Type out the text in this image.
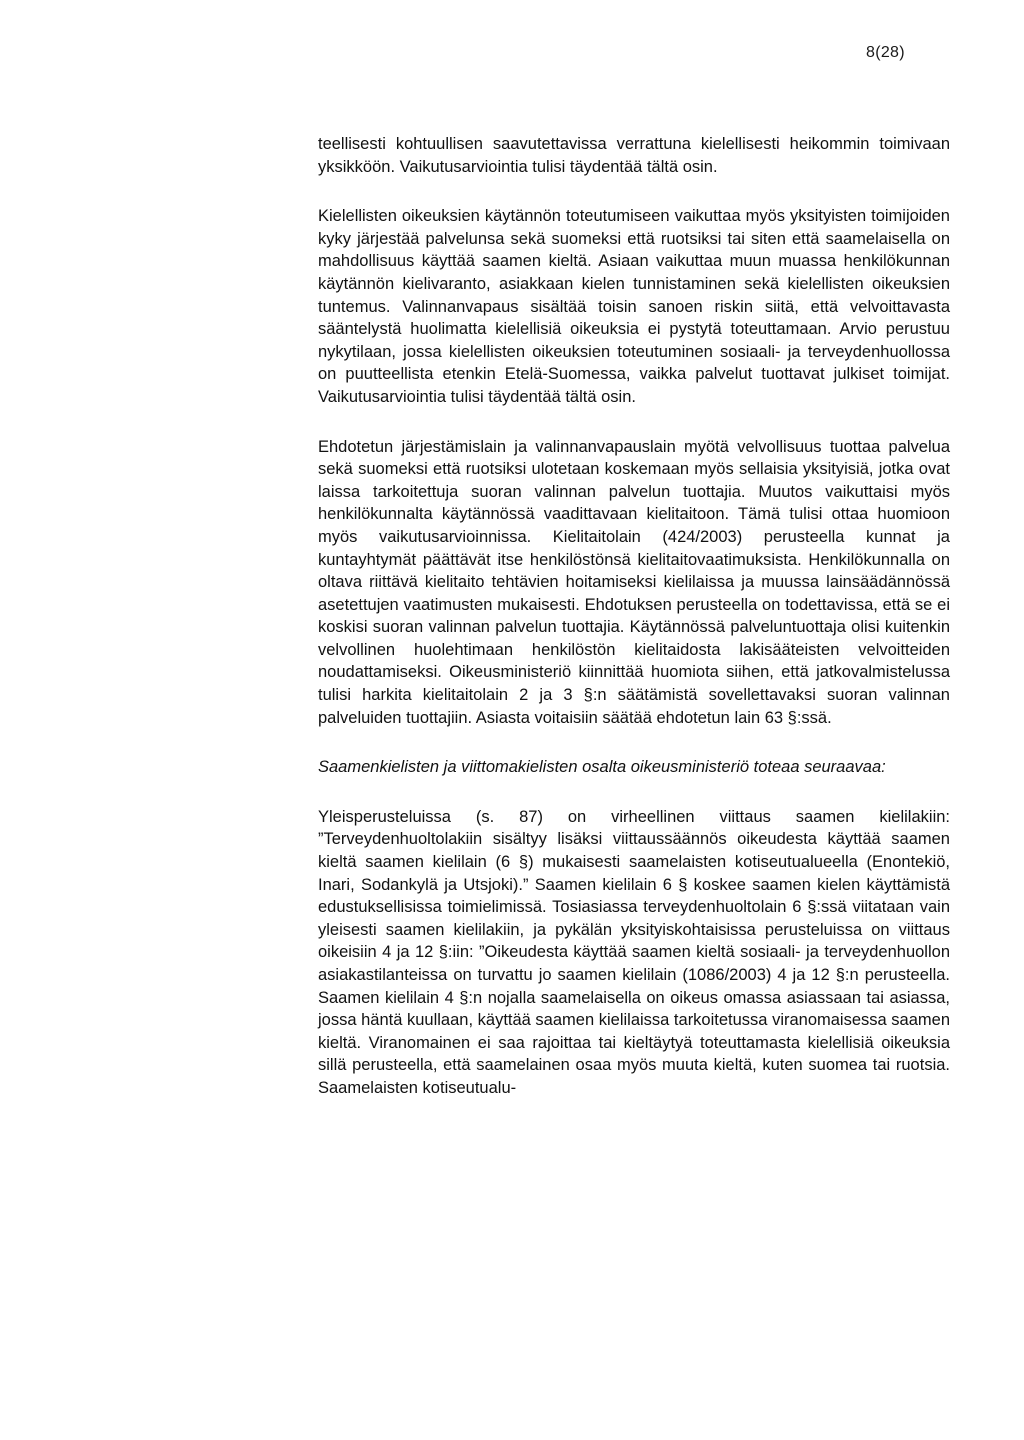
8(28)

teellisesti kohtuullisen saavutettavissa verrattuna kielellisesti heikommin toimivaan yksikköön. Vaikutusarviointia tulisi täydentää tältä osin.

Kielellisten oikeuksien käytännön toteutumiseen vaikuttaa myös yksityisten toimijoiden kyky järjestää palvelunsa sekä suomeksi että ruotsiksi tai siten että saamelaisella on mahdollisuus käyttää saamen kieltä. Asiaan vaikuttaa muun muassa henkilökunnan käytännön kielivaranto, asiakkaan kielen tunnistaminen sekä kielellisten oikeuksien tuntemus. Valinnanvapaus sisältää toisin sanoen riskin siitä, että velvoittavasta sääntelystä huolimatta kielellisiä oikeuksia ei pystytä toteuttamaan. Arvio perustuu nykytilaan, jossa kielellisten oikeuksien toteutuminen sosiaali- ja terveydenhuollossa on puutteellista etenkin Etelä-Suomessa, vaikka palvelut tuottavat julkiset toimijat. Vaikutusarviointia tulisi täydentää tältä osin.

Ehdotetun järjestämislain ja valinnanvapauslain myötä velvollisuus tuottaa palvelua sekä suomeksi että ruotsiksi ulotetaan koskemaan myös sellaisia yksityisiä, jotka ovat laissa tarkoitettuja suoran valinnan palvelun tuottajia. Muutos vaikuttaisi myös henkilökunnalta käytännössä vaadittavaan kielitaitoon. Tämä tulisi ottaa huomioon myös vaikutusarvioinnissa. Kielitaitolain (424/2003) perusteella kunnat ja kuntayhtymät päättävät itse henkilöstönsä kielitaitovaatimuksista. Henkilökunnalla on oltava riittävä kielitaito tehtävien hoitamiseksi kielilaissa ja muussa lainsäädännössä asetettujen vaatimusten mukaisesti. Ehdotuksen perusteella on todettavissa, että se ei koskisi suoran valinnan palvelun tuottajia. Käytännössä palveluntuottaja olisi kuitenkin velvollinen huolehtimaan henkilöstön kielitaidosta lakisääteisten velvoitteiden noudattamiseksi. Oikeusministeriö kiinnittää huomiota siihen, että jatkovalmistelussa tulisi harkita kielitaitolain 2 ja 3 §:n säätämistä sovellettavaksi suoran valinnan palveluiden tuottajiin. Asiasta voitaisiin säätää ehdotetun lain 63 §:ssä.

Saamenkielisten ja viittomakielisten osalta oikeusministeriö toteaa seuraavaa:

Yleisperusteluissa (s. 87) on virheellinen viittaus saamen kielilakiin: ”Terveydenhuoltolakiin sisältyy lisäksi viittaussäännös oikeudesta käyttää saamen kieltä saamen kielilain (6 §) mukaisesti saamelaisten kotiseutualueella (Enontekiö, Inari, Sodankylä ja Utsjoki).” Saamen kielilain 6 § koskee saamen kielen käyttämistä edustuksellisissa toimielimissä. Tosiasiassa terveydenhuoltolain 6 §:ssä viitataan vain yleisesti saamen kielilakiin, ja pykälän yksityiskohtaisissa perusteluissa on viittaus oikeisiin 4 ja 12 §:iin: ”Oikeudesta käyttää saamen kieltä sosiaali- ja terveydenhuollon asiakastilanteissa on turvattu jo saamen kielilain (1086/2003) 4 ja 12 §:n perusteella. Saamen kielilain 4 §:n nojalla saamelaisella on oikeus omassa asiassaan tai asiassa, jossa häntä kuullaan, käyttää saamen kielilaissa tarkoitetussa viranomaisessa saamen kieltä. Viranomainen ei saa rajoittaa tai kieltäytyä toteuttamasta kielellisiä oikeuksia sillä perusteella, että saamelainen osaa myös muuta kieltä, kuten suomea tai ruotsia. Saamelaisten kotiseutualu-
